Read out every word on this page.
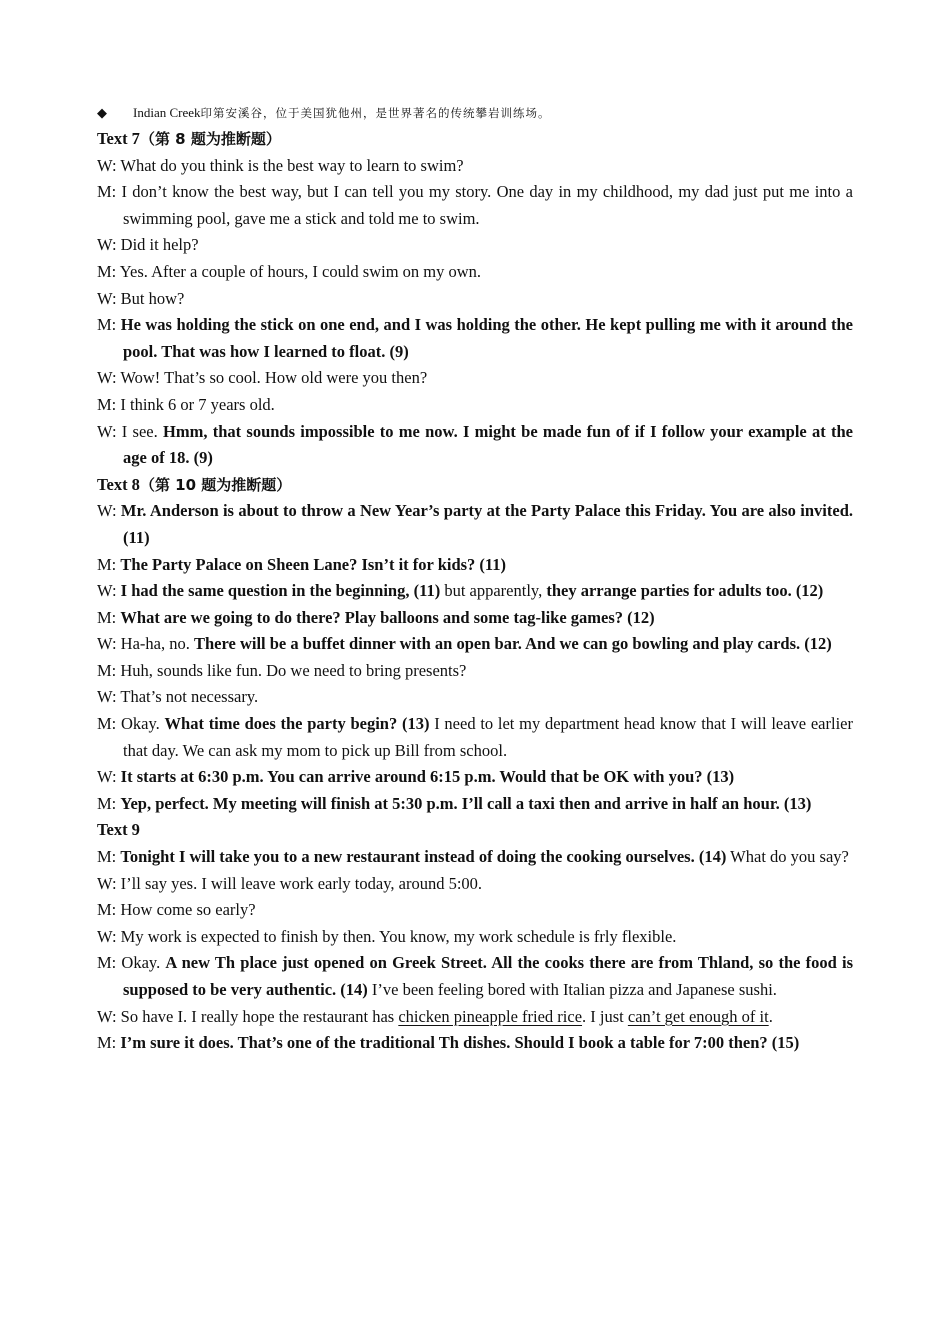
◆	Indian Creek 印第安溪谷，位于美国犹他州，是世界著名的传统攀岩训练场。
Text 7（第 8 题为推断题）
W: What do you think is the best way to learn to swim?
M: I don’t know the best way, but I can tell you my story. One day in my childhood, my dad just put me into a swimming pool, gave me a stick and told me to swim.
W: Did it help?
M: Yes. After a couple of hours, I could swim on my own.
W: But how?
M: He was holding the stick on one end, and I was holding the other. He kept pulling me with it around the pool. That was how I learned to float. (9)
W: Wow! That’s so cool. How old were you then?
M: I think 6 or 7 years old.
W: I see. Hmm, that sounds impossible to me now. I might be made fun of if I follow your example at the age of 18. (9)
Text 8（第 10 题为推断题）
W: Mr. Anderson is about to throw a New Year’s party at the Party Palace this Friday. You are also invited. (11)
M: The Party Palace on Sheen Lane? Isn’t it for kids? (11)
W: I had the same question in the beginning, (11) but apparently, they arrange parties for adults too. (12)
M: What are we going to do there? Play balloons and some tag-like games? (12)
W: Ha-ha, no. There will be a buffet dinner with an open bar. And we can go bowling and play cards. (12)
M: Huh, sounds like fun. Do we need to bring presents?
W: That’s not necessary.
M: Okay. What time does the party begin? (13) I need to let my department head know that I will leave earlier that day. We can ask my mom to pick up Bill from school.
W: It starts at 6:30 p.m. You can arrive around 6:15 p.m. Would that be OK with you? (13)
M: Yep, perfect. My meeting will finish at 5:30 p.m. I’ll call a taxi then and arrive in half an hour. (13)
Text 9
M: Tonight I will take you to a new restaurant instead of doing the cooking ourselves. (14) What do you say?
W: I’ll say yes. I will leave work early today, around 5:00.
M: How come so early?
W: My work is expected to finish by then. You know, my work schedule is frly flexible.
M: Okay. A new Th place just opened on Greek Street. All the cooks there are from Thland, so the food is supposed to be very authentic. (14) I’ve been feeling bored with Italian pizza and Japanese sushi.
W: So have I. I really hope the restaurant has chicken pineapple fried rice. I just can’t get enough of it.
M: I’m sure it does. That’s one of the traditional Th dishes. Should I book a table for 7:00 then? (15)
